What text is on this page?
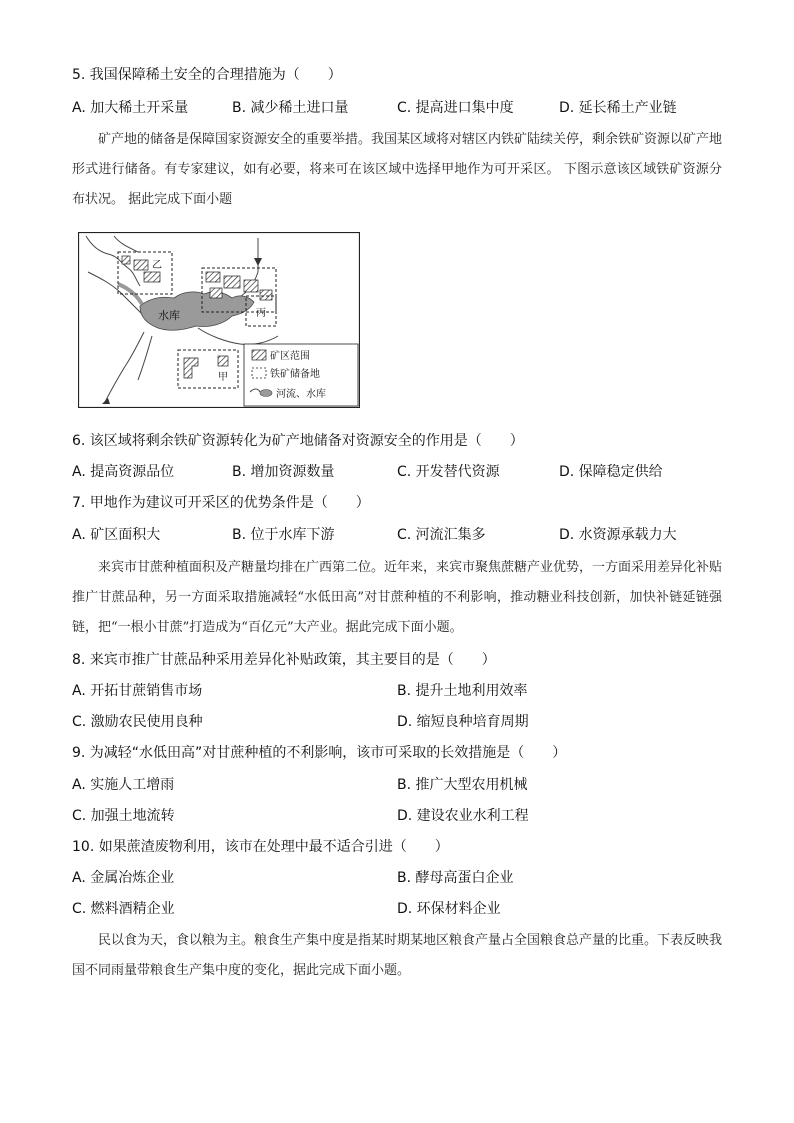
5. 我国保障稀土安全的合理措施为（　　）
A. 加大稀土开采量	B. 减少稀土进口量	C. 提高进口集中度	D. 延长稀土产业链

矿产地的储备是保障国家资源安全的重要举措。我国某区域将对辖区内铁矿陆续关停，剩余铁矿资源以矿产地形式进行储备。有专家建议，如有必要，将来可在该区域中选择甲地作为可开采区。 下图示意该区域铁矿资源分布状况。 据此完成下面小题

水库
乙
丙
甲
矿区范围
铁矿储备地
河流、水库
6. 该区域将剩余铁矿资源转化为矿产地储备对资源安全的作用是（　　）
A. 提高资源品位	B. 增加资源数量	C. 开发替代资源	D. 保障稳定供给
7. 甲地作为建议可开采区的优势条件是（　　）
A. 矿区面积大	B. 位于水库下游	C. 河流汇集多	D. 水资源承载力大

来宾市甘蔗种植面积及产糖量均排在广西第二位。近年来，来宾市聚焦蔗糖产业优势，一方面采用差异化补贴推广甘蔗品种，另一方面采取措施减轻“水低田高”对甘蔗种植的不利影响，推动糖业科技创新，加快补链延链强链，把“一根小甘蔗”打造成为“百亿元”大产业。据此完成下面小题。

8. 来宾市推广甘蔗品种采用差异化补贴政策，其主要目的是（　　）
A. 开拓甘蔗销售市场	B. 提升土地利用效率
C. 激励农民使用良种	D. 缩短良种培育周期
9. 为减轻“水低田高”对甘蔗种植的不利影响，该市可采取的长效措施是（　　）
A. 实施人工增雨	B. 推广大型农用机械
C. 加强土地流转	D. 建设农业水利工程
10. 如果蔗渣废物利用，该市在处理中最不适合引进（　　）
A. 金属冶炼企业	B. 酵母高蛋白企业
C. 燃料酒精企业	D. 环保材料企业

民以食为天，食以粮为主。粮食生产集中度是指某时期某地区粮食产量占全国粮食总产量的比重。下表反映我国不同雨量带粮食生产集中度的变化，据此完成下面小题。
